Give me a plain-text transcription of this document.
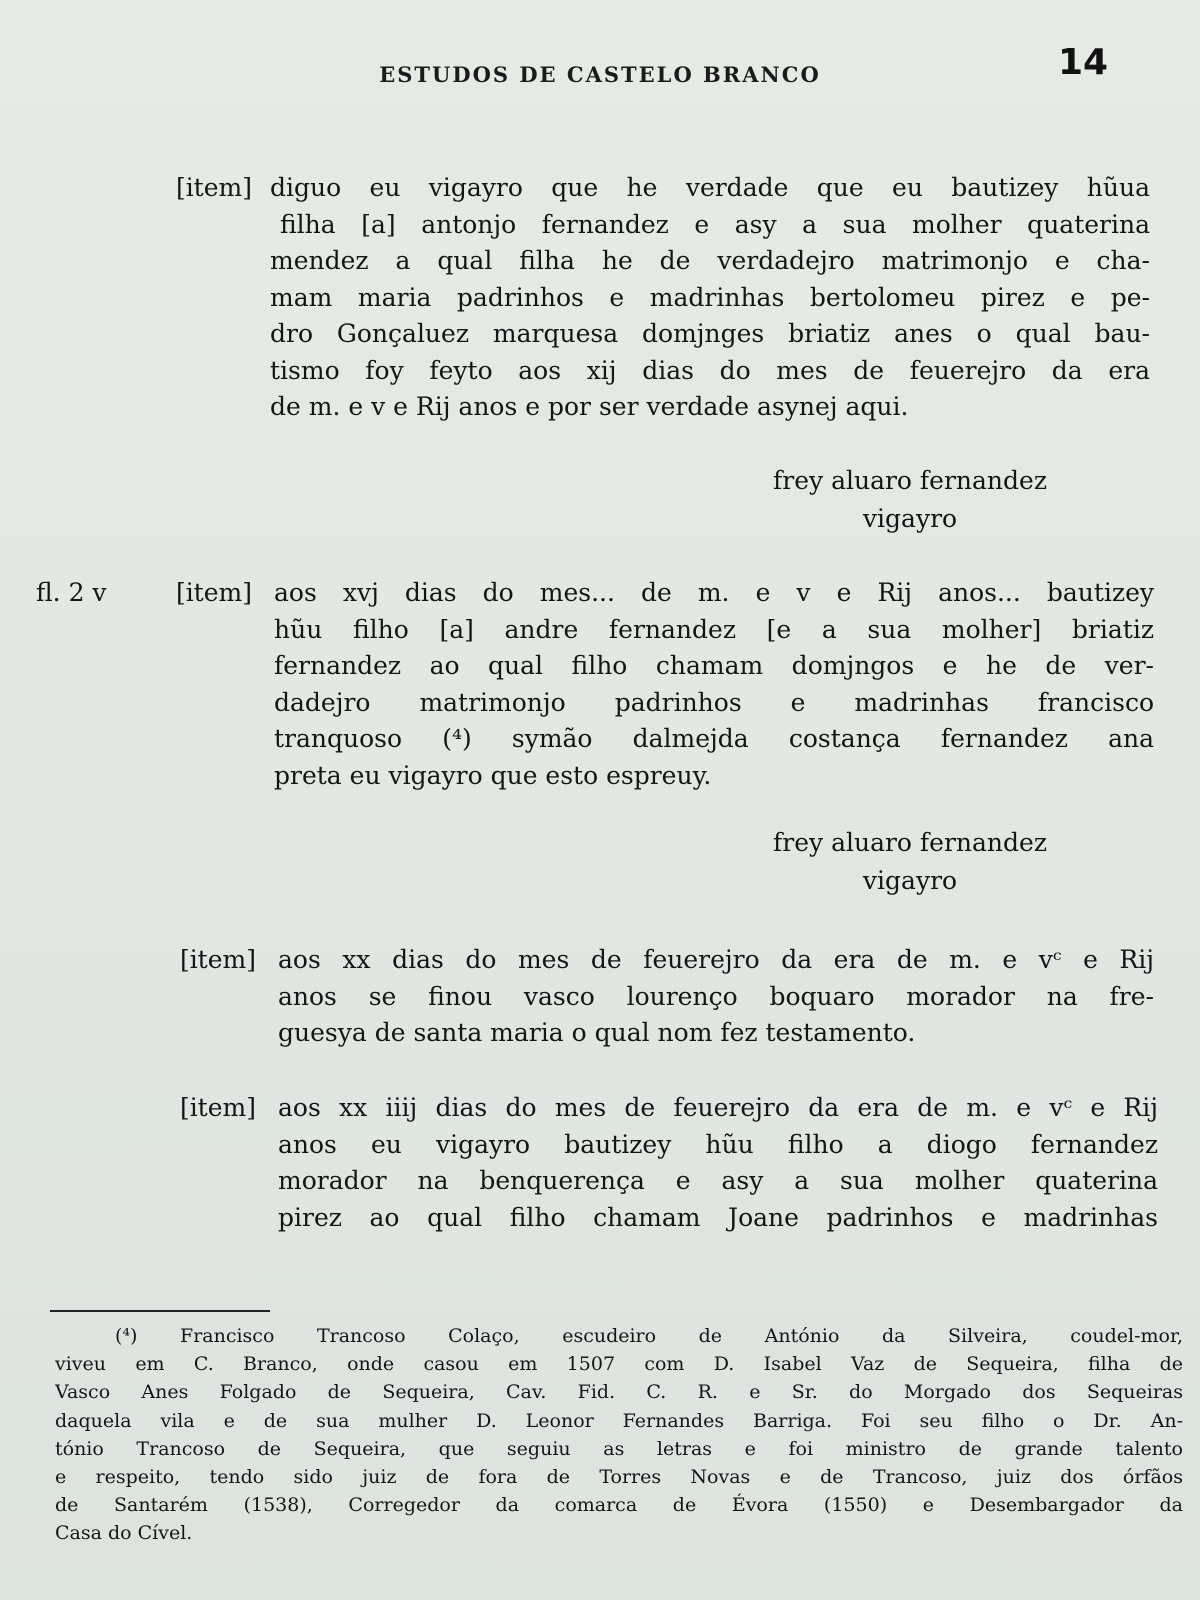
ESTUDOS DE CASTELO BRANCO	14
[item] diguo eu vigayro que he verdade que eu bautizey hũua
filha [a] antonjo fernandez e asy a sua molher quaterina
mendez a qual filha he de verdadejro matrimonjo e cha-
mam maria padrinhos e madrinhas bertolomeu pirez e pe-
dro Gonçaluez marquesa domjnges briatiz anes o qual bau-
tismo foy feyto aos xij dias do mes de feuerejro da era
de m. e v e Rij anos e por ser verdade asynej aqui.
frey aluaro fernandez
vigayro
fl. 2 v	[item] aos xvj dias do mes... de m. e v e Rij anos... bautizey
hũu filho [a] andre fernandez [e a sua molher] briatiz
fernandez ao qual filho chamam domjngos e he de ver-
dadejro matrimonjo padrinhos e madrinhas francisco
tranquoso (⁴) symão dalmejda costança fernandez ana
preta eu vigayro que esto espreuy.
frey aluaro fernandez
vigayro
[item] aos xx dias do mes de feuerejro da era de m. e vᶜ e Rij
anos se finou vasco lourenço boquaro morador na fre-
guesya de santa maria o qual nom fez testamento.
[item] aos xx iiij dias do mes de feuerejro da era de m. e vᶜ e Rij
anos eu vigayro bautizey hũu filho a diogo fernandez
morador na benquerença e asy a sua molher quaterina
pirez ao qual filho chamam Joane padrinhos e madrinhas
(⁴) Francisco Trancoso Colaço, escudeiro de António da Silveira, coudel-mor,
viveu em C. Branco, onde casou em 1507 com D. Isabel Vaz de Sequeira, filha de
Vasco Anes Folgado de Sequeira, Cav. Fid. C. R. e Sr. do Morgado dos Sequeiras
daquela vila e de sua mulher D. Leonor Fernandes Barriga. Foi seu filho o Dr. An-
tónio Trancoso de Sequeira, que seguiu as letras e foi ministro de grande talento
e respeito, tendo sido juiz de fora de Torres Novas e de Trancoso, juiz dos órfãos
de Santarém (1538), Corregedor da comarca de Évora (1550) e Desembargador da
Casa do Cível.
